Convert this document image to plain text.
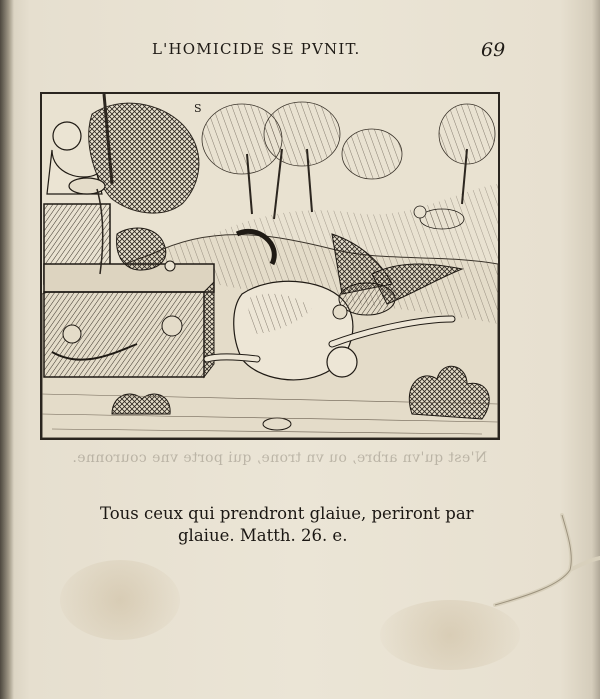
L'HOMICIDE SE PVNIT.	69
S
N'est qu'vn arbre, ou vn trone, qui porte vne couronne.
Tous ceux qui prendront glaiue, periront par
glaiue. Matth. 26. e.
